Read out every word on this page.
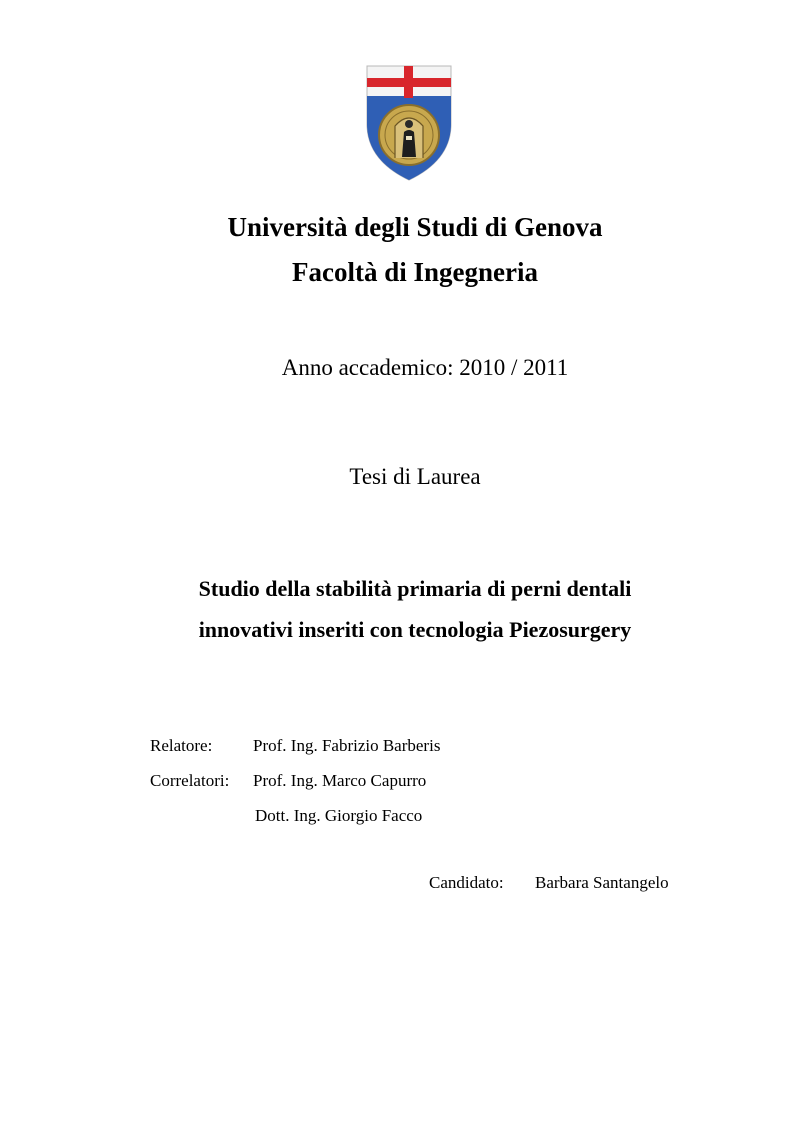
Università degli Studi di Genova
Facoltà di Ingegneria
Anno accademico: 2010 / 2011
Tesi di Laurea
Studio della stabilità primaria di perni dentali
innovativi inseriti con tecnologia Piezosurgery
Relatore: Prof. Ing. Fabrizio Barberis
Correlatori: Prof. Ing. Marco Capurro
Dott. Ing. Giorgio Facco
Candidato: Barbara Santangelo
